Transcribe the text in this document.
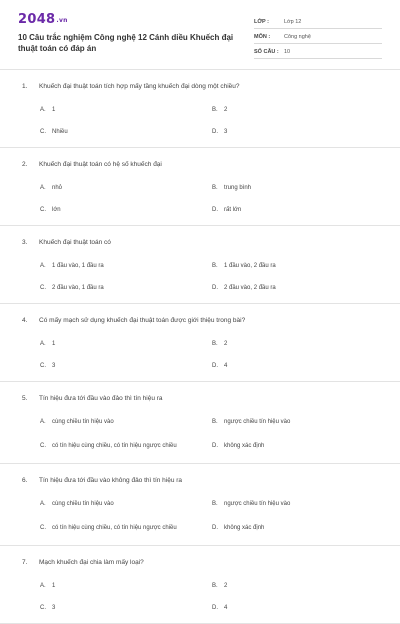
2048.vn
10 Câu trắc nghiệm Công nghệ 12 Cánh diều Khuếch đại thuật toán có đáp án
LỚP :	Lớp 12
MÔN :	Công nghệ
SỐ CÂU : 10
1. Khuếch đại thuật toán tích hợp mấy tầng khuếch đại dòng một chiều?
A.	1	B.	2
C.	Nhiều	D.	3
2. Khuếch đại thuật toán có hệ số khuếch đại
A.	nhỏ	B.	trung bình
C.	lớn	D.	rất lớn
3. Khuếch đại thuật toán có
A.	1 đầu vào, 1 đầu ra	B.	1 đầu vào, 2 đầu ra
C.	2 đầu vào, 1 đầu ra	D.	2 đầu vào, 2 đầu ra
4. Có mấy mạch sử dụng khuếch đại thuật toán được giới thiệu trong bài?
A.	1	B.	2
C.	3	D.	4
5. Tín hiệu đưa tới đầu vào đảo thì tín hiệu ra
A.	cùng chiều tín hiệu vào	B.	ngược chiều tín hiệu vào
C.	có tín hiệu cùng chiều, có tín hiệu ngược chiều	D.	không xác định
6. Tín hiệu đưa tới đầu vào không đảo thì tín hiệu ra
A.	cùng chiều tín hiệu vào	B.	ngược chiều tín hiệu vào
C.	có tín hiệu cùng chiều, có tín hiệu ngược chiều	D.	không xác định
7. Mạch khuếch đại chia làm mấy loại?
A.	1	B.	2
C.	3	D.	4
